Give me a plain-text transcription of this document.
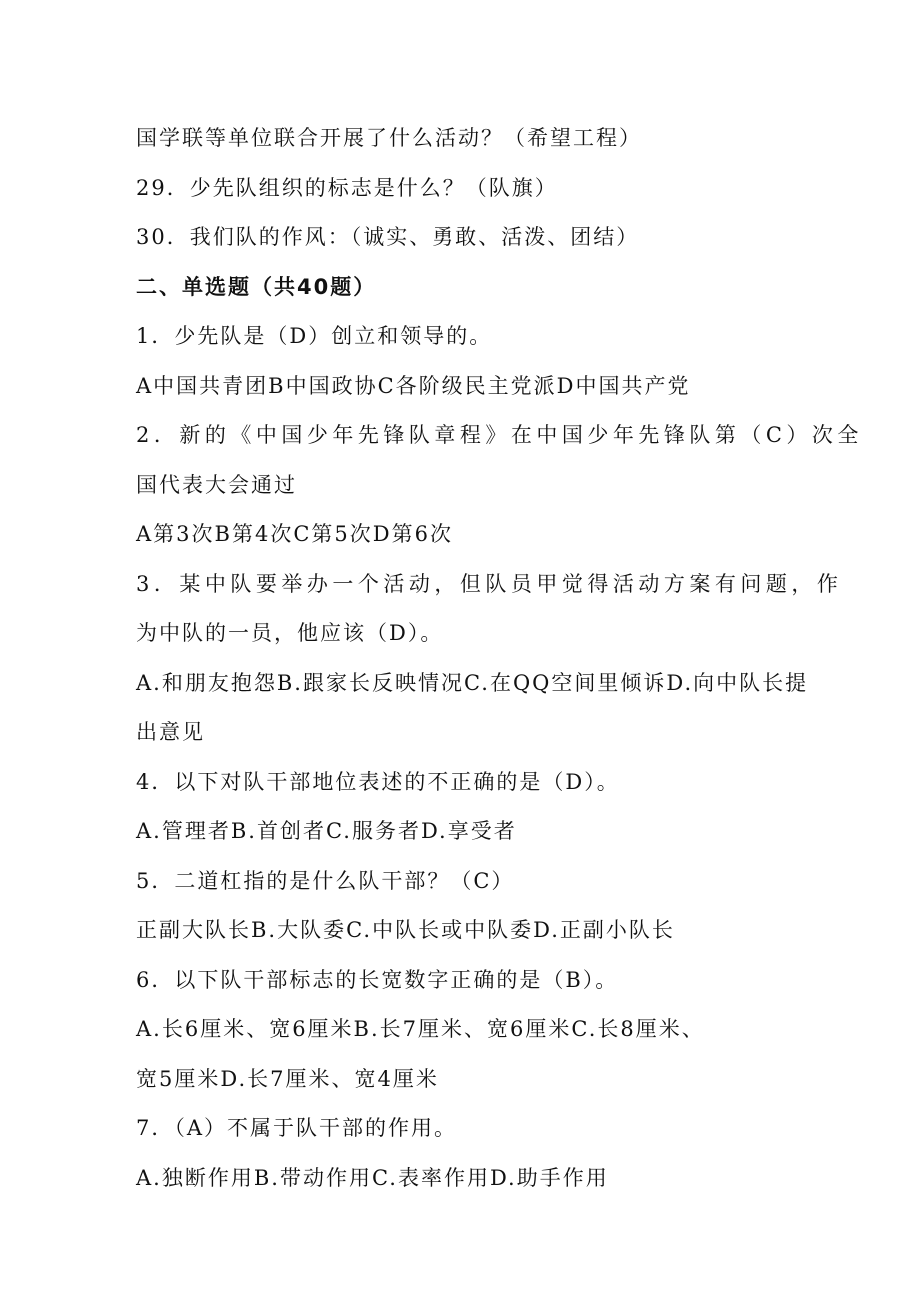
国学联等单位联合开展了什么活动？（希望工程）
29．少先队组织的标志是什么？（队旗）
30．我们队的作风：（诚实、勇敢、活泼、团结）
二、单选题（共40题）
1．少先队是（D）创立和领导的。
A中国共青团B中国政协C各阶级民主党派D中国共产党
2．新的《中国少年先锋队章程》在中国少年先锋队第（C）次全
国代表大会通过
A第3次B第4次C第5次D第6次
3．某中队要举办一个活动，但队员甲觉得活动方案有问题，作
为中队的一员，他应该（D）。
A.和朋友抱怨B.跟家长反映情况C.在QQ空间里倾诉D.向中队长提
出意见
4．以下对队干部地位表述的不正确的是（D）。
A.管理者B.首创者C.服务者D.享受者
5．二道杠指的是什么队干部？（C）
正副大队长B.大队委C.中队长或中队委D.正副小队长
6．以下队干部标志的长宽数字正确的是（B）。
A.长6厘米、宽6厘米B.长7厘米、宽6厘米C.长8厘米、
宽5厘米D.长7厘米、宽4厘米
7．（A）不属于队干部的作用。
A.独断作用B.带动作用C.表率作用D.助手作用
